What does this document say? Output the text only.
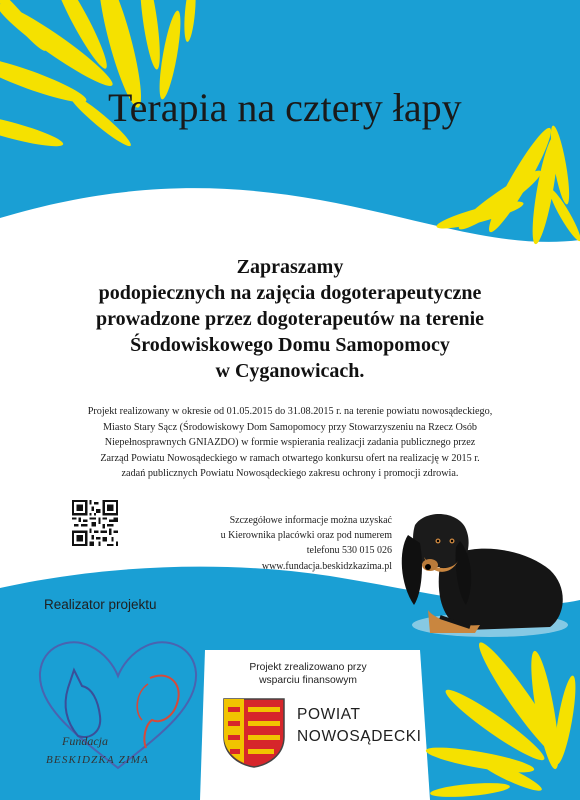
Terapia na cztery łapy
Zapraszamy
podopiecznych na zajęcia dogoterapeutyczne
prowadzone przez dogoterapeutów na terenie
Środowiskowego Domu Samopomocy
w Cyganowicach.
Projekt realizowany w okresie od 01.05.2015 do 31.08.2015 r. na terenie powiatu nowosądeckiego,
Miasto Stary Sącz (Środowiskowy Dom Samopomocy przy Stowarzyszeniu na Rzecz Osób
Niepełnosprawnych GNIAZDO) w formie wspierania realizacji zadania publicznego przez
Zarząd Powiatu Nowosądeckiego w ramach otwartego konkursu ofert na realizację w 2015 r.
zadań publicznych Powiatu Nowosądeckiego zakresu ochrony i promocji zdrowia.
Szczegółowe informacje można uzyskać
u Kierownika placówki oraz pod numerem
telefonu 530 015 026
www.fundacja.beskidzkazima.pl
Realizator projektu
Fundacja
BESKIDZKA ZIMA
Projekt zrealizowano przy
wsparciu finansowym
POWIAT
NOWOSĄDECKI
